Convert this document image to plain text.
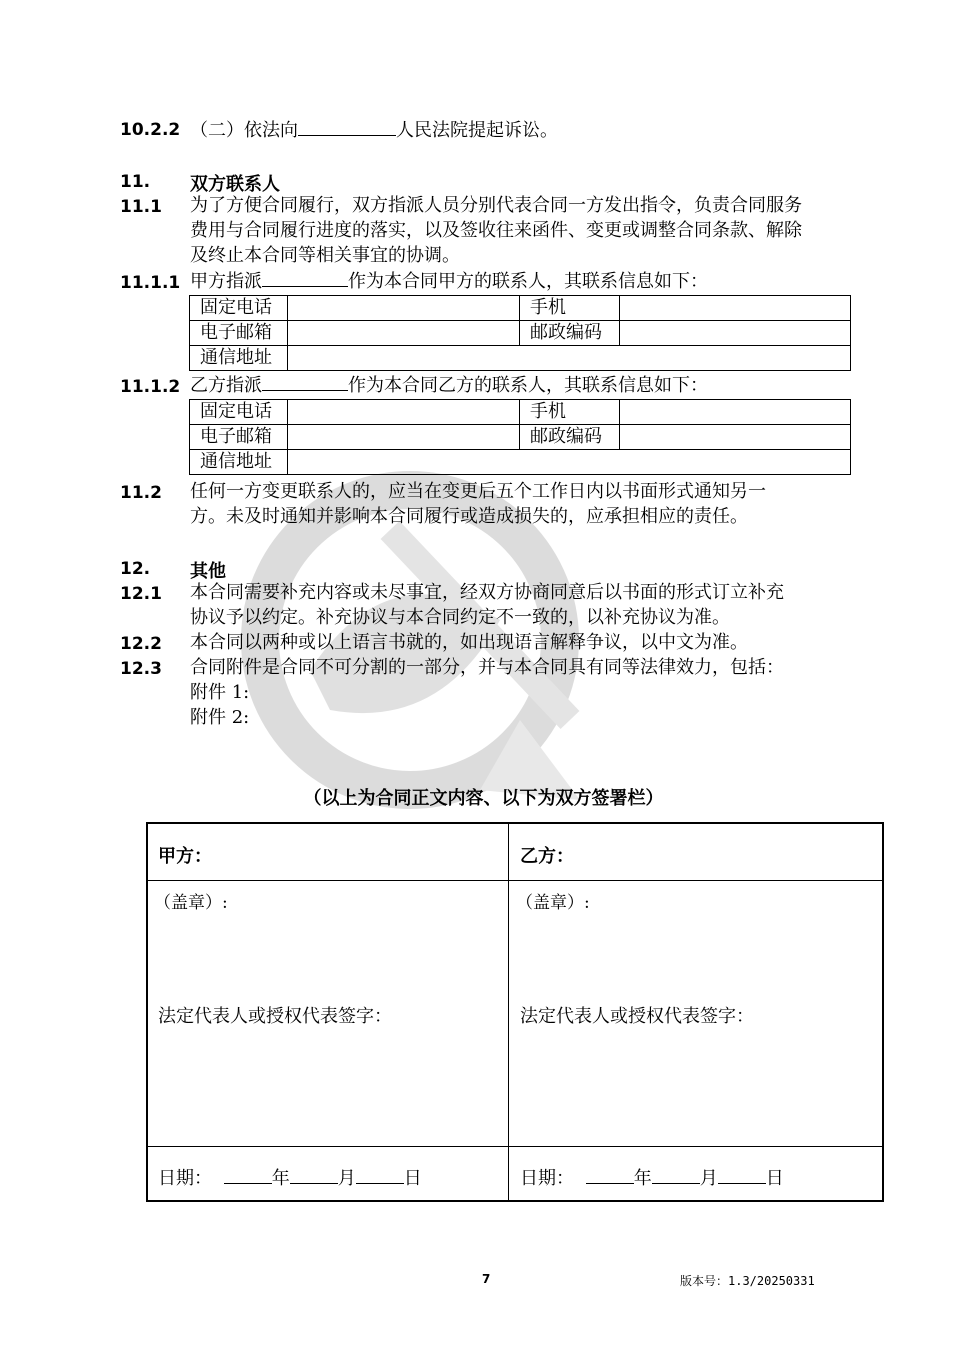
10.2.2 （二）依法向	人民法院提起诉讼。
11. 双方联系人
11.1 为了方便合同履行，双方指派人员分别代表合同一方发出指令，负责合同服务
费用与合同履行进度的落实，以及签收往来函件、变更或调整合同条款、解除
及终止本合同等相关事宜的协调。
11.1.1 甲方指派	作为本合同甲方的联系人，其联系信息如下：
固定电话		手机	
电子邮箱		邮政编码	
通信地址			
11.1.2 乙方指派	作为本合同乙方的联系人，其联系信息如下：
固定电话		手机	
电子邮箱		邮政编码	
通信地址			
11.2 任何一方变更联系人的，应当在变更后五个工作日内以书面形式通知另一
方。未及时通知并影响本合同履行或造成损失的，应承担相应的责任。
12. 其他
12.1 本合同需要补充内容或未尽事宜，经双方协商同意后以书面的形式订立补充
协议予以约定。补充协议与本合同约定不一致的，以补充协议为准。
12.2 本合同以两种或以上语言书就的，如出现语言解释争议，以中文为准。
12.3 合同附件是合同不可分割的一部分，并与本合同具有同等法律效力，包括：
附件 1:
附件 2:
（以上为合同正文内容、以下为双方签署栏）
甲方：	乙方：
（盖章）:	（盖章）:
法定代表人或授权代表签字：	法定代表人或授权代表签字：
日期：	年	月	日	日期：	年	月	日
7	版本号：1.3/20250331
